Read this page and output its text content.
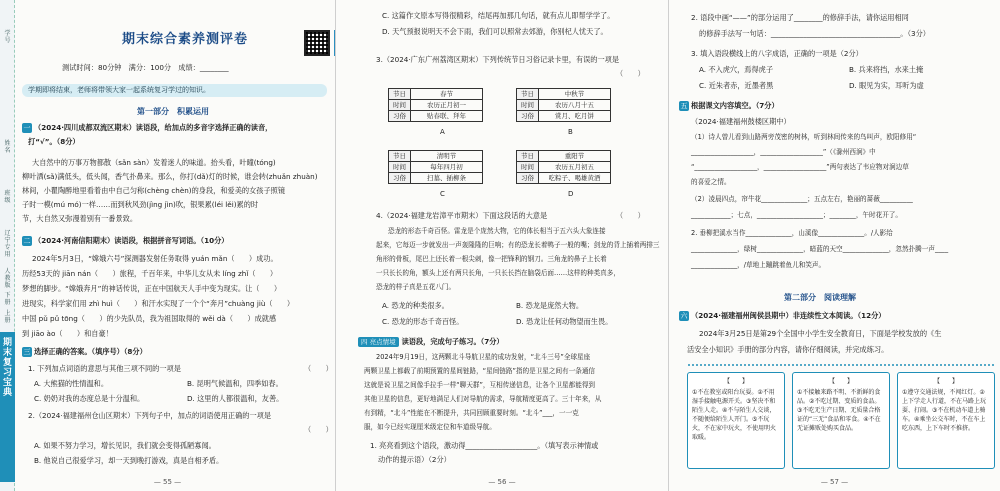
学号
姓名
班级
辽宁专用
人教版
下册
上册
期末复习宝典
期末综合素养测评卷
测试时间：80分钟　满分：100分　成绩：________
学期即将结束，老师将带领大家一起系统复习学过的知识。
第一部分　积累运用
一 （2024·四川成都双流区期末）读语段，给加点的多音字选择正确的读音，
打“√”。（8分）
大自然中的万事万物都散（sǎn sàn）发着迷人的味道。抬头看，叶曈(tóng)
柳叶洒(sǎ)满低头，低头闻，香气扑鼻来。那么，你打(dǎ)灯的时候，谁会转(zhuǎn zhuàn)
林间，小瞿陶醉地里看着由中自己匀称(chèng chèn)的身段，和爱美的女孩子照镜
子时一模(mú mó)一样……而到秋风劲(jìng jìn)吹，银果累(léi lěi)累的时
节，大自然又弥漫着别有一番景致。
二 （2024·河南信阳期末）读语段，根据拼音写词语。（10分）
2024年5月3日，“嫦娥六号”探测器发射任务取得 yuán mǎn（　　）成功。
历经53天的 jiān nán（　　）旅程，千百年来，中华儿女从未 líng zhǐ（　　）
梦想的脚步。“嫦娥奔月”的神话传说，正在中国航天人手中变为现实。让（　　）
进现实，科学家们用 zhì huì（　　）和汗水实现了一个个“奔月”chuàng jiù（　　）
中国 pǔ pǔ tōng（　　）的少先队员，我为祖国取得的 wěi dà（　　）成就感
到 jiāo ào（　　）和自豪！
三 选择正确的答案。（填序号）（8分）
1. 下列加点词语的意思与其他三项不同的一项是	（　　）
A. 大熊猫的性情温和。	B. 昆明气候温和，四季如春。
C. 奶奶对我的态度总是十分温和。	D. 这里的人都很温和，友善。
2.（2024·福建福州仓山区期末）下列句子中，加点的词语使用正确的一项是
（　　）
A. 如果不努力学习，增长见识，我们就会变得孤陋寡闻。
B. 他说自己很爱学习，却一天到晚打游戏，真是自相矛盾。
— 55 —
C. 这篇作文原本写得很精彩，结尾再加那几句话，就有点儿即帮学学了。
D. 天气预报说明天不会下雨，我们可以照常去郊游，你别杞人忧天了。
3.（2024·广东广州荔湾区期末）下列传统节日习俗记录卡里，有误的一项是
（　　）
节日	春节
时间	农历正月初一
习俗	贴春联、拜年
A
节日	中秋节
时间	农历八月十五
习俗	赏月、吃月饼
B
节日	清明节
时间	每年四月初
习俗	扫墓、插柳条
C
节日	重阳节
时间	农历五月初五
习俗	吃粽子、喝雄黄酒
D
4.（2024·福建龙岩漳平市期末）下面这段话的大意是	（　　）
恐龙的形态千奇百怪。雷龙是个庞然大物，它的体长相当于五六头大象连接
起来，它每迈一步就发出一声轰隆隆的巨响；有的恐龙长着鸭子一般的嘴；剑龙的背上插着两排三
角形的骨板，尾巴上还长着一根尖刺，像一把锋利的钢刀。三角龙的鼻子上长着
一只长长的角，额头上还有两只长角，一只长长挡在脑袋后面……这样的种类真多，
恐龙的样子真是五花八门。
A. 恐龙的种类很多。	B. 恐龙是庞然大物。
C. 恐龙的形态千奇百怪。	D. 恐龙让任何动物望而生畏。
四 亮点情境 读语段，完成句子练习。（7分）
2024年9月19日，这两颗北斗导航卫星的成功发射，“北斗三号”全球星座
两颗卫星上都载了前期预置的星间链路，“星间链路”指的是卫星之间有一条通信
这就是说卫星之间像手拉手一样“聊天群”，互相传递信息，让各个卫星都能得到
其他卫星的信息，更好地满足人们对导航的需求，导航精度更高了。三十年来，从
有到精，“北斗”性能在不断提升，共同回顾重要时刻。“北斗”___，一一克
服，如今已经实现厘米级定位和车道级导航。
1. 亮亮看到这个语段，激动得____________________。（填写表示神情或
动作的提示语）（2分）
— 56 —
2. 语段中画“——”的部分运用了________的修辞手法，请你运用相同
的修辞手法写一句话：____________________________________。（3分）
3. 填入语段横线上的八字成语，正确的一项是（2分）
A. 不入虎穴，焉得虎子	B. 兵来将挡，水来土掩
C. 近朱者赤，近墨者黑	D. 眼见为实，耳听为虚
五 根据课文内容填空。（7分）
（2024·福建福州鼓楼区期中）
（1）诗人曾儿看到山路两旁茂密的树林，听到林间传来的鸟叫声，欧阳修用“
___________________，___________________”（《滁州西涧》中
“___________________，___________________”两句表达了韦应物对涧边草
的喜爱之情。
（2）凌晨四点，帘牛花______________；五点左右，艳丽的蔷薇__________
____________；七点，____________________；________，午时花开了。
2. 垂柳把溪水当作______________，山溪像______________。/人影给
______________，绿树______________，暗蓝的天空______________，忽然扑腾一声____
______________，/草地上蹦跳着鱼儿和笑声。
第二部分　阅读理解
六 （2024·福建福州闽侯县期中）非连续性文本阅读。（12分）
2024年3月25日是第29个全国中小学生安全教育日，下面是学校发放的《生
活安全小知识》手册的部分内容，请你仔细阅读，并完成练习。
【　　】
①不在教室或阳台玩耍。②不用湿手接触电源开关。③坚决不和陌生人走。④不与陌生人交谈，不随便给陌生人开门。⑤不玩火，不在家中玩火，不使用明火取暖。
【　　】
①不接触来路不明、不新鲜的食品。②不吃过期、变质的食品。③不吃无生产日期、无质量合格证的“三无”食品和零食。④不在无证摊贩处购买食品。
【　　】
①遵守交通法规，不闯红灯。②上下学走人行道，不在马路上玩耍、打闹。③不在机动车道上骑车。④乘坐公交车时，不在车上吃东西，上下车时不推挤。
— 57 —
